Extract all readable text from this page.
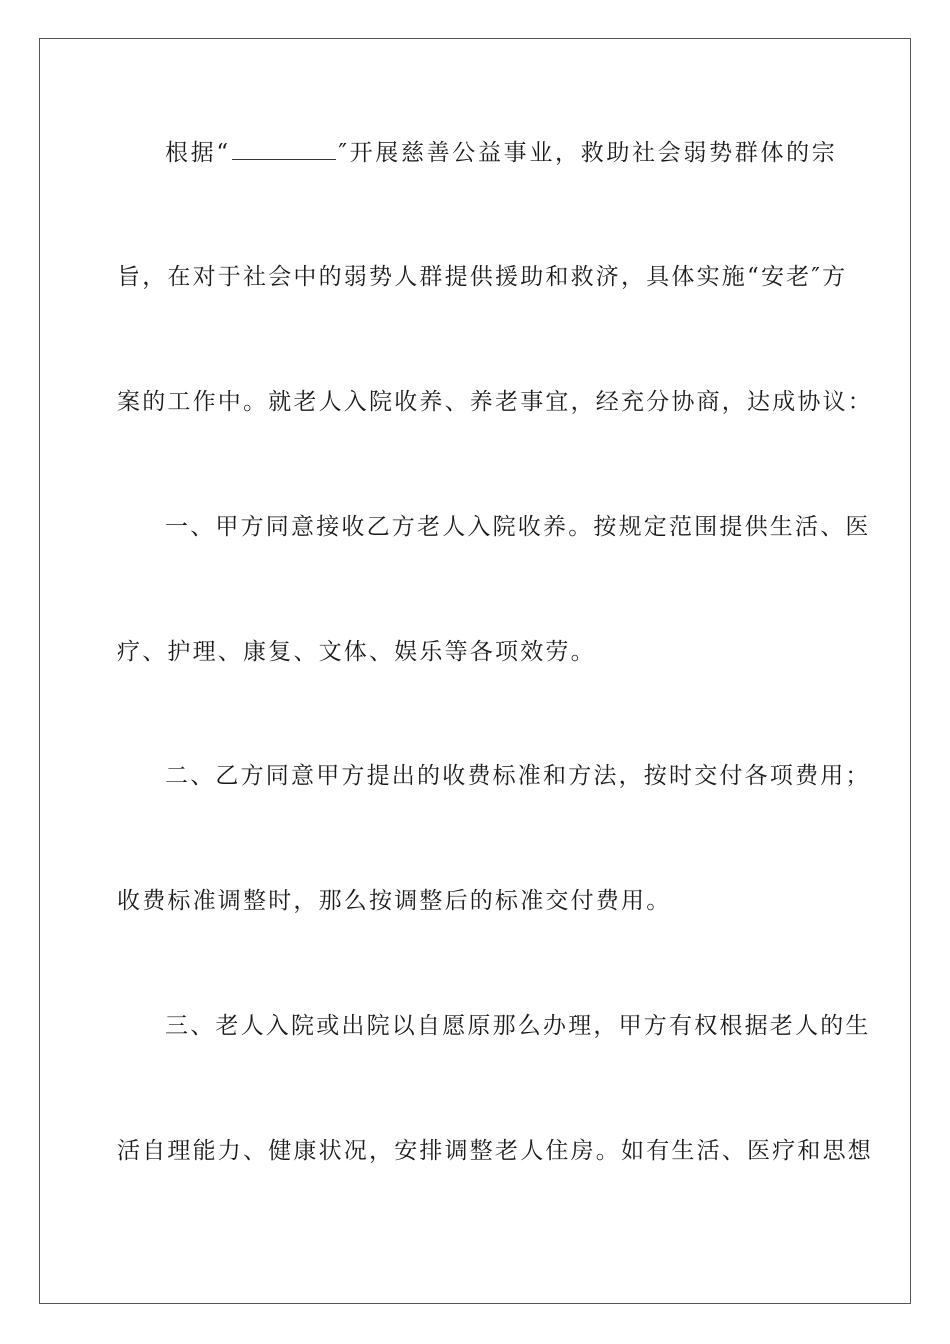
根据“	″开展慈善公益事业，救助社会弱势群体的宗
旨，在对于社会中的弱势人群提供援助和救济，具体实施“安老″方
案的工作中。就老人入院收养、养老事宜，经充分协商，达成协议：
一、甲方同意接收乙方老人入院收养。按规定范围提供生活、医
疗、护理、康复、文体、娱乐等各项效劳。
二、乙方同意甲方提出的收费标准和方法，按时交付各项费用；
收费标准调整时，那么按调整后的标准交付费用。
三、老人入院或出院以自愿原那么办理，甲方有权根据老人的生
活自理能力、健康状况，安排调整老人住房。如有生活、医疗和思想
